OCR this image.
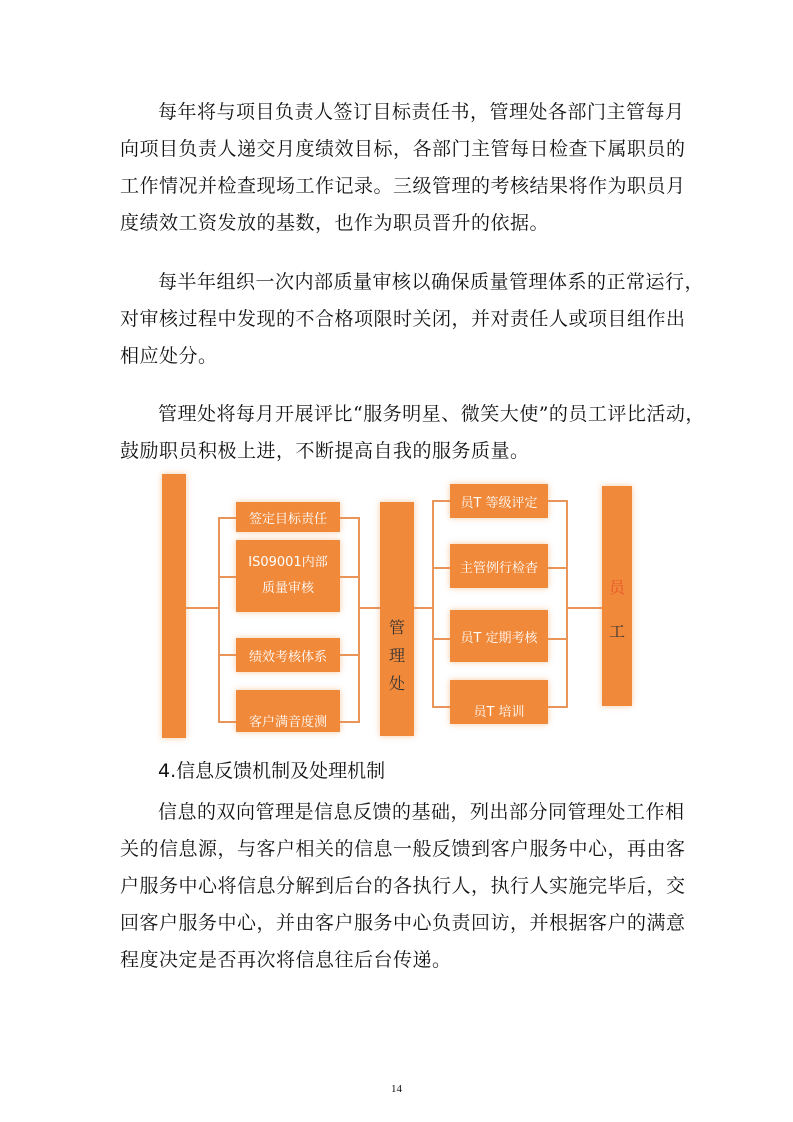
每年将与项目负责人签订目标责任书，管理处各部门主管每月
向项目负责人递交月度绩效目标，各部门主管每日检查下属职员的
工作情况并检查现场工作记录。三级管理的考核结果将作为职员月
度绩效工资发放的基数，也作为职员晋升的依据。
每半年组织一次内部质量审核以确保质量管理体系的正常运行，
对审核过程中发现的不合格项限时关闭，并对责任人或项目组作出
相应处分。
管理处将每月开展评比“服务明星、微笑大使”的员工评比活动，
鼓励职员积极上进，不断提高自我的服务质量。
签定目标责任
IS09001内部
质量审核
绩效考核体系
客户满音度测
管
理
处
员T 等级评定
主管例行检杳
员T 定期考核
员T 培训
员
工

4.信息反馈机制及处理机制

信息的双向管理是信息反馈的基础，列出部分同管理处工作相
关的信息源，与客户相关的信息一般反馈到客户服务中心，再由客
户服务中心将信息分解到后台的各执行人，执行人实施完毕后，交
回客户服务中心，并由客户服务中心负责回访，并根据客户的满意
程度决定是否再次将信息往后台传递。
14
